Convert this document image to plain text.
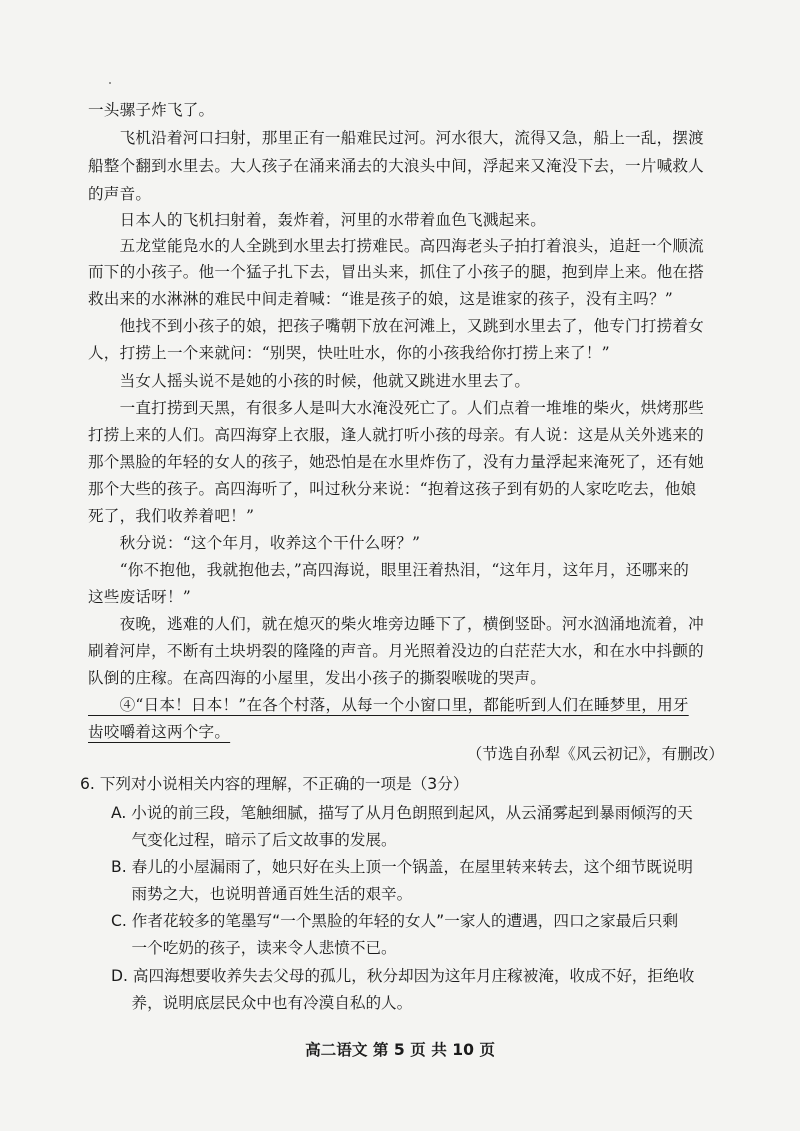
一头骡子炸飞了。
　　飞机沿着河口扫射，那里正有一船难民过河。河水很大，流得又急，船上一乱，摆渡
船整个翻到水里去。大人孩子在涌来涌去的大浪头中间，浮起来又淹没下去，一片喊救人
的声音。
　　日本人的飞机扫射着，轰炸着，河里的水带着血色飞溅起来。
　　五龙堂能凫水的人全跳到水里去打捞难民。高四海老头子拍打着浪头，追赶一个顺流
而下的小孩子。他一个猛子扎下去，冒出头来，抓住了小孩子的腿，抱到岸上来。他在搭
救出来的水淋淋的难民中间走着喊：“谁是孩子的娘，这是谁家的孩子，没有主吗？”
　　他找不到小孩子的娘，把孩子嘴朝下放在河滩上，又跳到水里去了，他专门打捞着女
人，打捞上一个来就问：“别哭，快吐吐水，你的小孩我给你打捞上来了！”
　　当女人摇头说不是她的小孩的时候，他就又跳进水里去了。
　　一直打捞到天黑，有很多人是叫大水淹没死亡了。人们点着一堆堆的柴火，烘烤那些
打捞上来的人们。高四海穿上衣服，逢人就打听小孩的母亲。有人说：这是从关外逃来的
那个黑脸的年轻的女人的孩子，她恐怕是在水里炸伤了，没有力量浮起来淹死了，还有她
那个大些的孩子。高四海听了，叫过秋分来说：“抱着这孩子到有奶的人家吃吃去，他娘
死了，我们收养着吧！”
　　秋分说：“这个年月，收养这个干什么呀？”
　　“你不抱他，我就抱他去，”高四海说，眼里汪着热泪，“这年月，这年月，还哪来的
这些废话呀！”
　　夜晚，逃难的人们，就在熄灭的柴火堆旁边睡下了，横倒竖卧。河水汹涌地流着，冲
刷着河岸，不断有土块坍裂的隆隆的声音。月光照着没边的白茫茫大水，和在水中抖颤的
队倒的庄稼。在高四海的小屋里，发出小孩子的撕裂喉咙的哭声。
　　④“日本！日本！”在各个村落，从每一个小窗口里，都能听到人们在睡梦里，用牙
齿咬嚼着这两个字。
（节选自孙犁《风云初记》，有删改）
6. 下列对小说相关内容的理解，不正确的一项是（3分）
A. 小说的前三段，笔触细腻，描写了从月色朗照到起风，从云涌雾起到暴雨倾泻的天
　 气变化过程，暗示了后文故事的发展。
B. 春儿的小屋漏雨了，她只好在头上顶一个锅盖，在屋里转来转去，这个细节既说明
　 雨势之大，也说明普通百姓生活的艰辛。
C. 作者花较多的笔墨写“一个黑脸的年轻的女人”一家人的遭遇，四口之家最后只剩
　 一个吃奶的孩子，读来令人悲愤不已。
D. 高四海想要收养失去父母的孤儿，秋分却因为这年月庄稼被淹，收成不好，拒绝收
　 养，说明底层民众中也有冷漠自私的人。
高二语文 第 5 页 共 10 页
